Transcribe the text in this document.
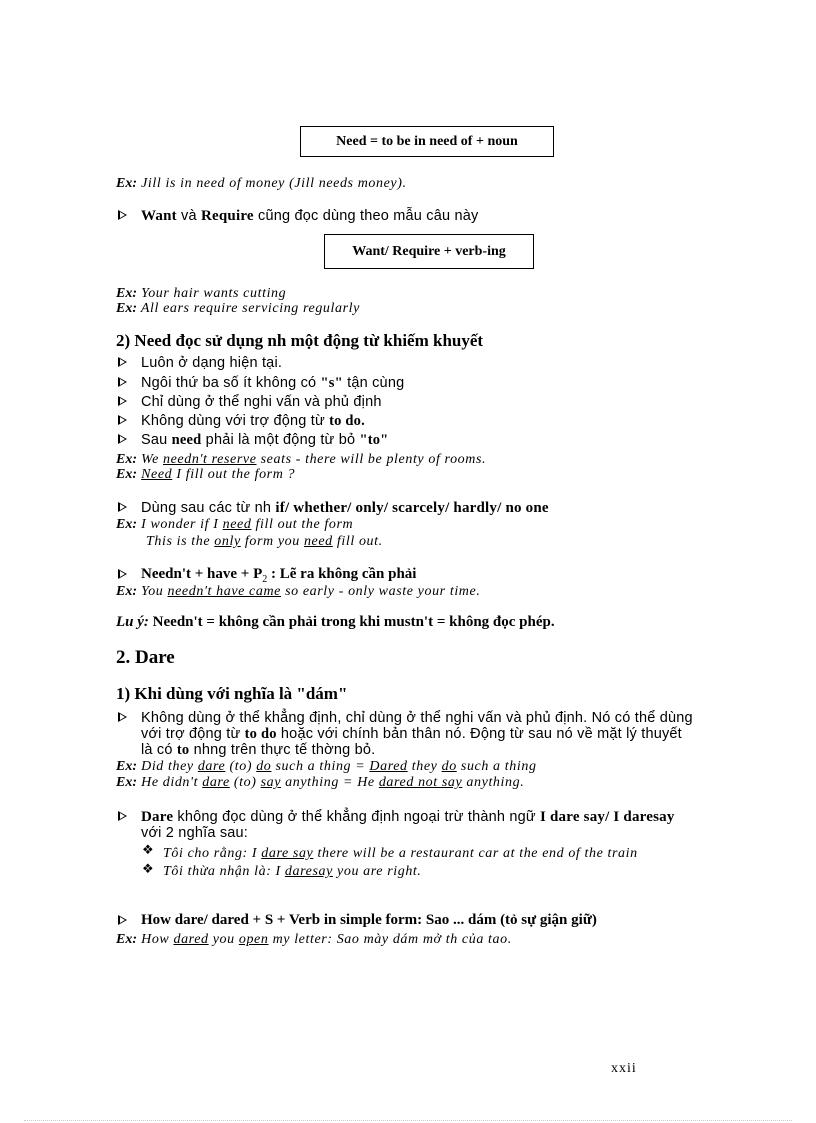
Need = to be in need of + noun
Ex: Jill is in need of money (Jill needs money).
Want và Require cũng đọc dùng theo mẫu câu này
Want/ Require + verb-ing
Ex: Your hair wants cutting
Ex: All ears require servicing regularly
2) Need đọc sử dụng nh một động từ khiếm khuyết
Luôn ở dạng hiện tại.
Ngôi thứ ba số ít không có "s" tận cùng
Chỉ dùng ở thể nghi vấn và phủ định
Không dùng với trợ động từ to do.
Sau need phải là một động từ bỏ "to"
Ex: We needn't reserve seats - there will be plenty of rooms.
Ex: Need I fill out the form ?
Dùng sau các từ nh if/ whether/ only/ scarcely/ hardly/ no one
Ex: I wonder if I need fill out the form
This is the only form you need fill out.
Needn't + have + $P_2$ : Lẽ ra không cần phải
Ex: You needn't have came so early - only waste your time.
Lu ý: Needn't = không cần phải trong khi mustn't = không đọc phép.
2. Dare
1) Khi dùng với nghĩa là "dám"
Không dùng ở thể khẳng định, chỉ dùng ở thể nghi vấn và phủ định. Nó có thể dùng
với trợ động từ to do hoặc với chính bản thân nó. Động từ sau nó về mặt lý thuyết
là có to nhng trên thực tế thờng bỏ.
Ex: Did they dare (to) do such a thing = Dared they do such a thing
Ex: He didn't dare (to) say anything = He dared not say anything.
Dare không đọc dùng ở thể khẳng định ngoại trừ thành ngữ I dare say/ I daresay
với 2 nghĩa sau:
❖ Tôi cho rằng: I dare say there will be a restaurant car at the end of the train
❖ Tôi thừa nhận là: I daresay you are right.
How dare/ dared + S + Verb in simple form: Sao ... dám (tỏ sự giận giữ)
Ex: How dared you open my letter: Sao mày dám mở th của tao.
xxii
